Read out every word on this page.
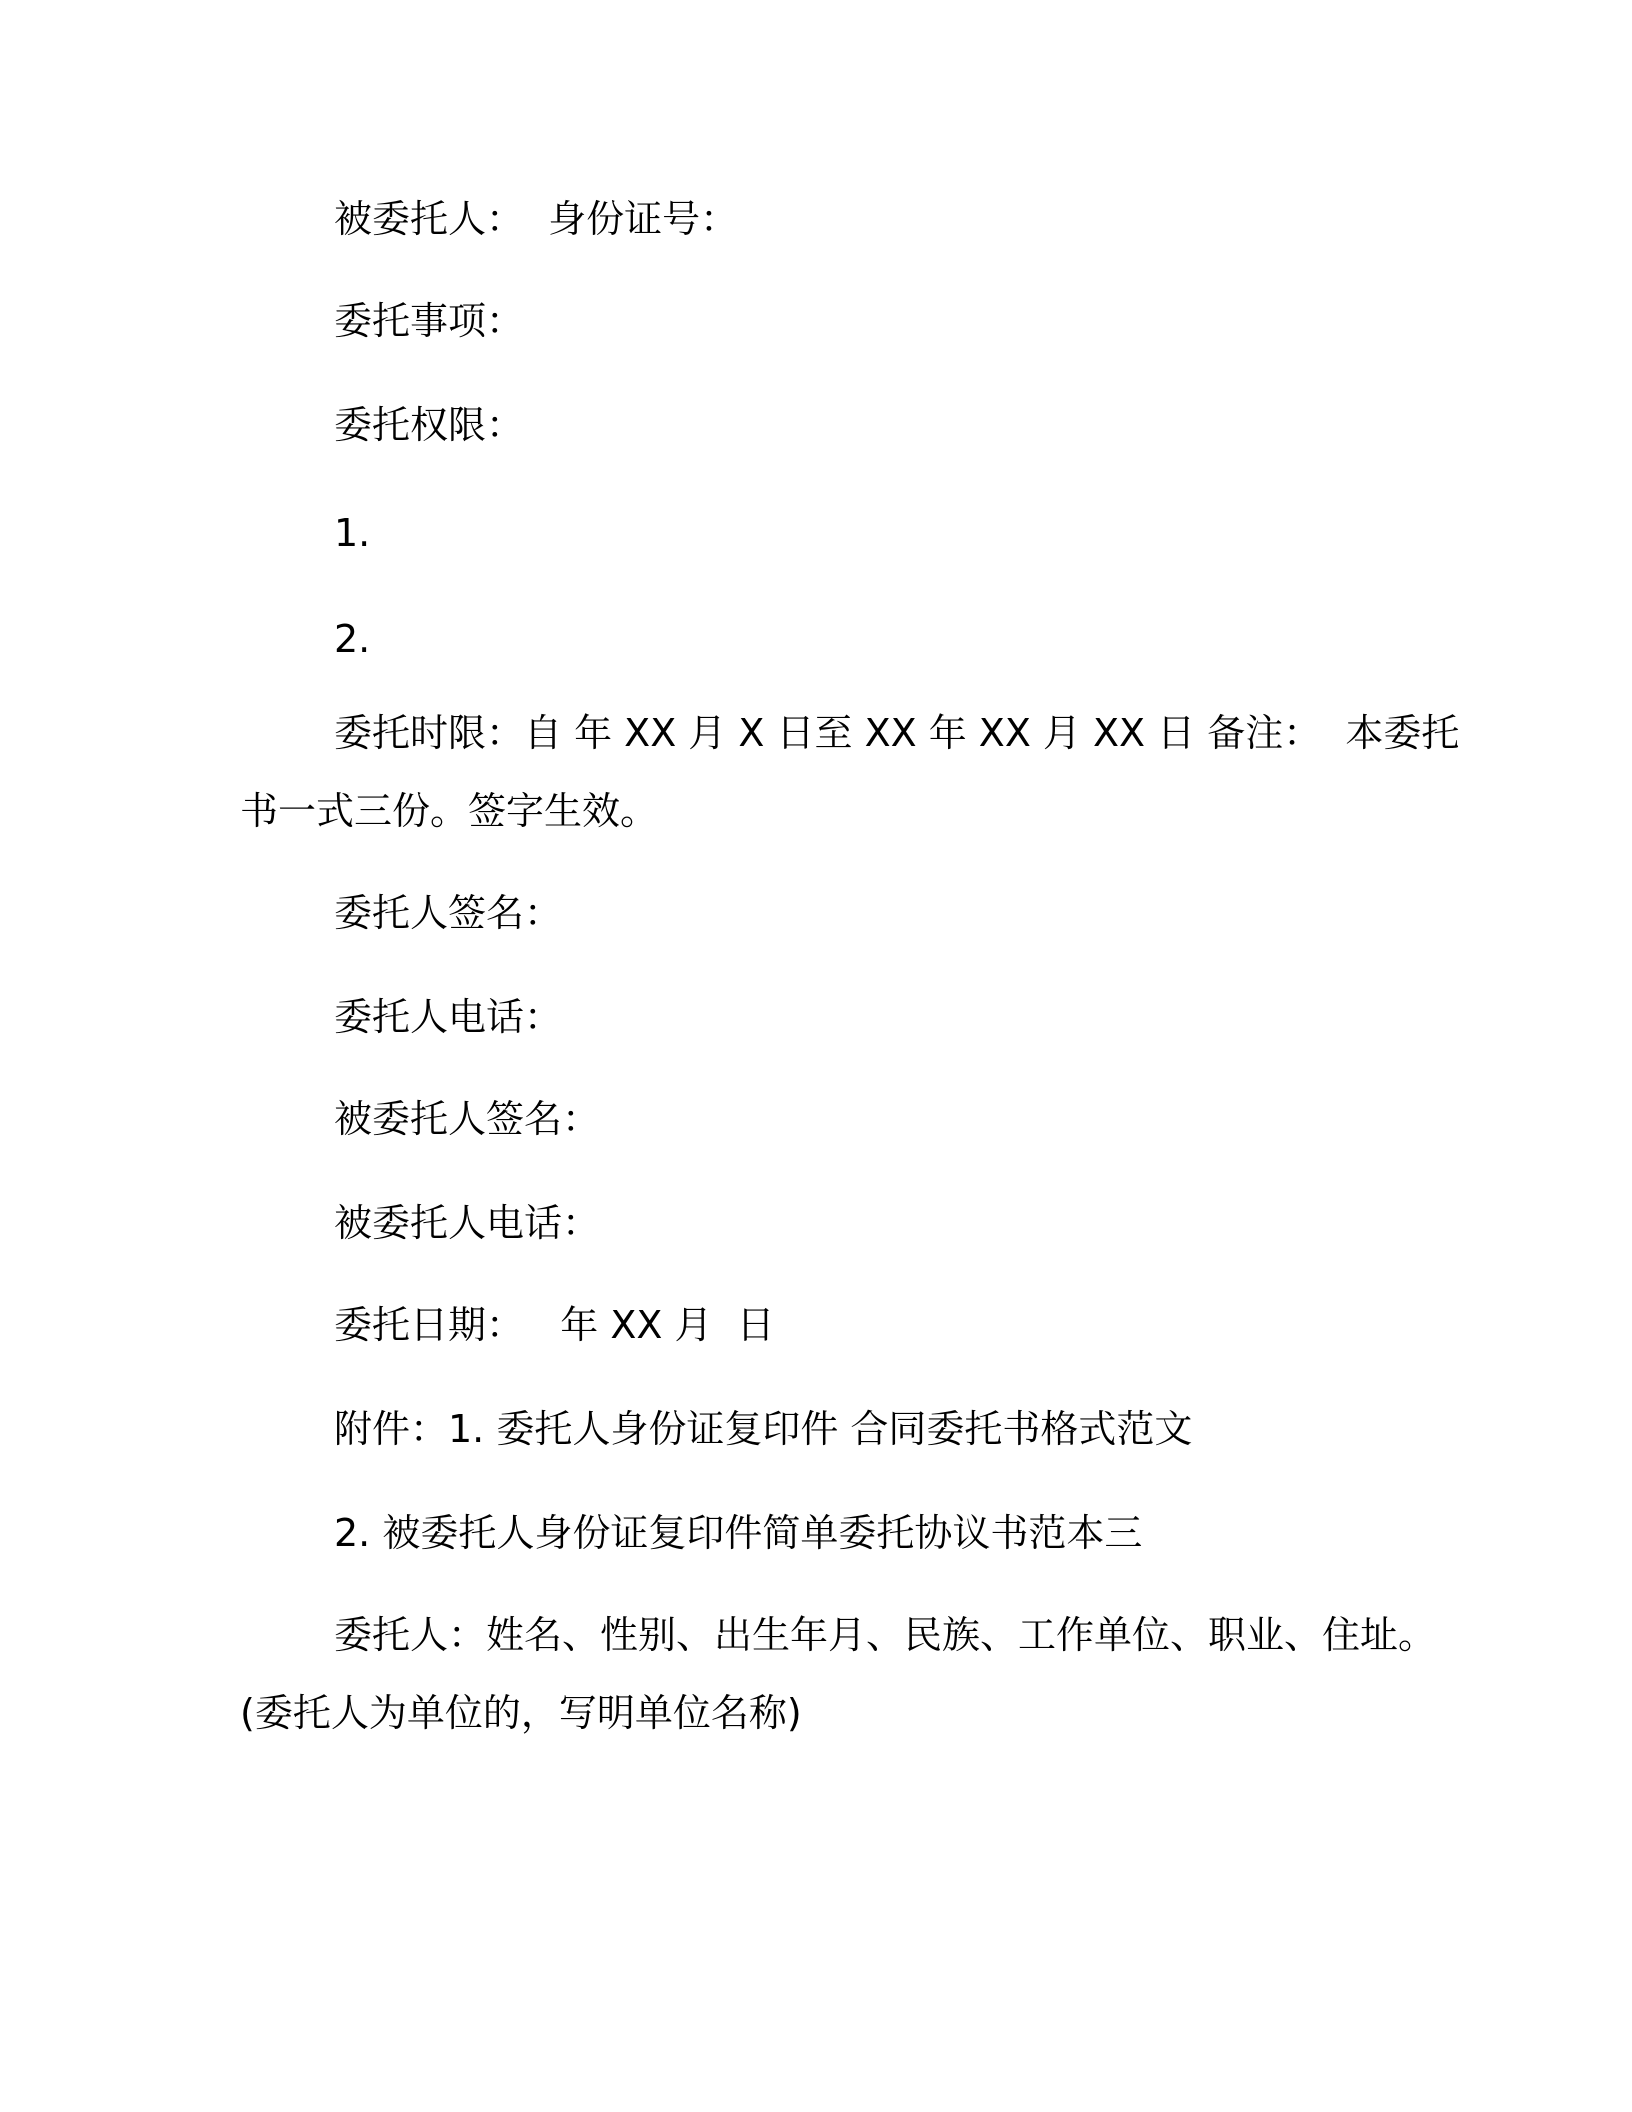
被委托人：  身份证号：
委托事项：
委托权限：
1.
2.
委托时限：自 年 XX 月 X 日至 XX 年 XX 月 XX 日 备注：  本委托
书一式三份。签字生效。
委托人签名：
委托人电话：
被委托人签名：
被委托人电话：
委托日期：   年 XX 月  日
附件：1. 委托人身份证复印件 合同委托书格式范文
2. 被委托人身份证复印件简单委托协议书范本三
委托人：姓名、性别、出生年月、民族、工作单位、职业、住址。
(委托人为单位的，写明单位名称)
